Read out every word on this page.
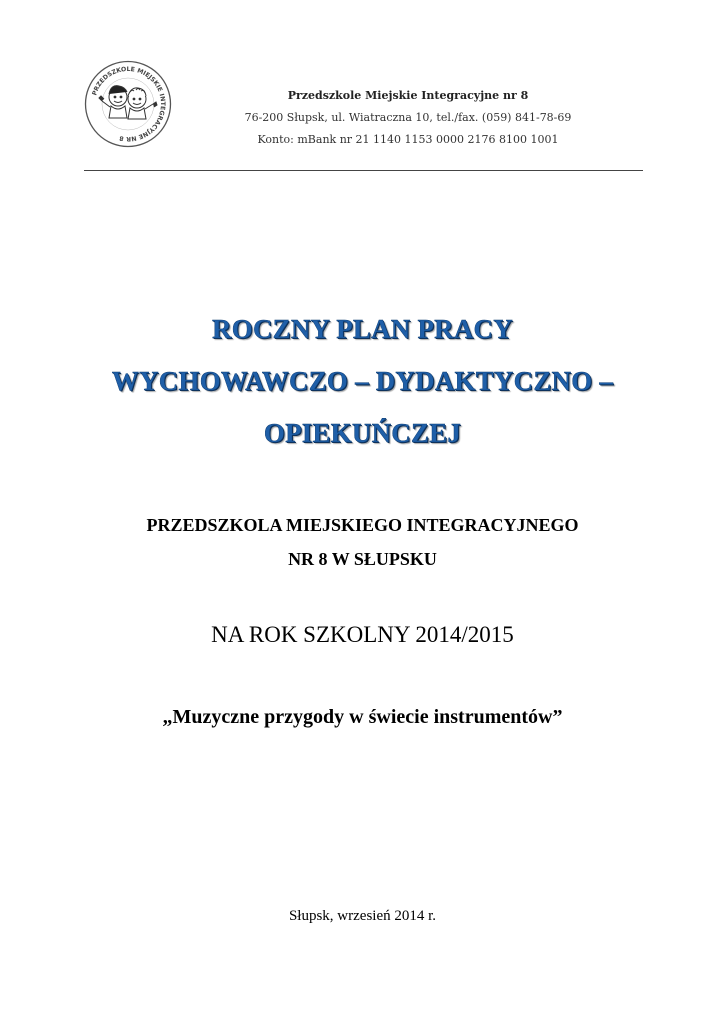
PRZEDSZKOLE MIEJSKIE INTEGRACYJNE NR 8
Przedszkole Miejskie Integracyjne nr 8
76-200 Słupsk, ul. Wiatraczna 10, tel./fax. (059) 841-78-69
Konto: mBank nr 21 1140 1153 0000 2176 8100 1001
ROCZNY PLAN PRACY
WYCHOWAWCZO – DYDAKTYCZNO –
OPIEKUŃCZEJ
PRZEDSZKOLA MIEJSKIEGO INTEGRACYJNEGO
NR 8 W SŁUPSKU
NA ROK SZKOLNY 2014/2015
„Muzyczne przygody w świecie instrumentów”
Słupsk, wrzesień 2014 r.
